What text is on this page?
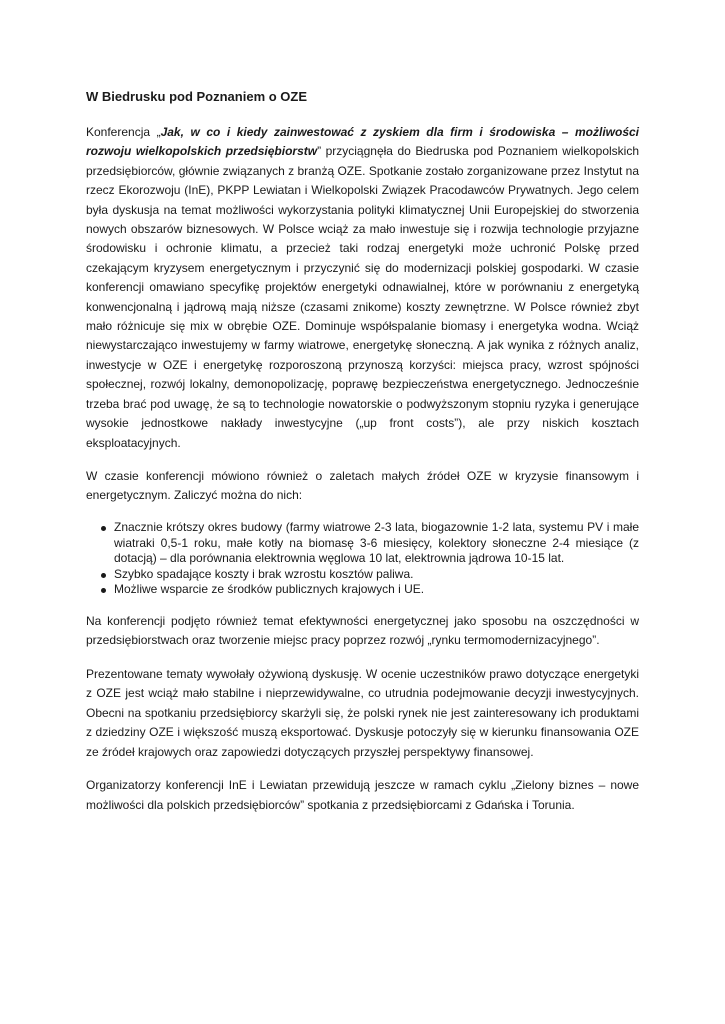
W Biedrusku pod Poznaniem o OZE

Konferencja „Jak, w co i kiedy zainwestować z zyskiem dla firm i środowiska – możliwości rozwoju wielkopolskich przedsiębiorstw” przyciągnęła do Biedruska pod Poznaniem wielkopolskich przedsiębiorców, głównie związanych z branżą OZE. Spotkanie zostało zorganizowane przez Instytut na rzecz Ekorozwoju (InE), PKPP Lewiatan i Wielkopolski Związek Pracodawców Prywatnych. Jego celem była dyskusja na temat możliwości wykorzystania polityki klimatycznej Unii Europejskiej do stworzenia nowych obszarów biznesowych. W Polsce wciąż za mało inwestuje się i rozwija technologie przyjazne środowisku i ochronie klimatu, a przecież taki rodzaj energetyki może uchronić Polskę przed czekającym kryzysem energetycznym i przyczynić się do modernizacji polskiej gospodarki. W czasie konferencji omawiano specyfikę projektów energetyki odnawialnej, które w porównaniu z energetyką konwencjonalną i jądrową mają niższe (czasami znikome) koszty zewnętrzne. W Polsce również zbyt mało różnicuje się mix w obrębie OZE. Dominuje współspalanie biomasy i energetyka wodna. Wciąż niewystarczająco inwestujemy w farmy wiatrowe, energetykę słoneczną. A jak wynika z różnych analiz, inwestycje w OZE i energetykę rozporoszoną przynoszą korzyści: miejsca pracy, wzrost spójności społecznej, rozwój lokalny, demonopolizację, poprawę bezpieczeństwa energetycznego. Jednocześnie trzeba brać pod uwagę, że są to technologie nowatorskie o podwyższonym stopniu ryzyka i generujące wysokie jednostkowe nakłady inwestycyjne („up front costs”), ale przy niskich kosztach eksploatacyjnych.

W czasie konferencji mówiono również o zaletach małych źródeł OZE w kryzysie finansowym i energetycznym. Zaliczyć można do nich:

Znacznie krótszy okres budowy (farmy wiatrowe 2-3 lata, biogazownie 1-2 lata, systemu PV i małe wiatraki 0,5-1 roku, małe kotły na biomasę 3-6 miesięcy, kolektory słoneczne 2-4 miesiące (z dotacją) – dla porównania elektrownia węglowa 10 lat, elektrownia jądrowa 10-15 lat.
Szybko spadające koszty i brak wzrostu kosztów paliwa.
Możliwe wsparcie ze środków publicznych krajowych i UE.

Na konferencji podjęto również temat efektywności energetycznej jako sposobu na oszczędności w przedsiębiorstwach oraz tworzenie miejsc pracy poprzez rozwój „rynku termomodernizacyjnego”.

Prezentowane tematy wywołały ożywioną dyskusję. W ocenie uczestników prawo dotyczące energetyki z OZE jest wciąż mało stabilne i nieprzewidywalne, co utrudnia podejmowanie decyzji inwestycyjnych. Obecni na spotkaniu przedsiębiorcy skarżyli się, że polski rynek nie jest zainteresowany ich produktami z dziedziny OZE i większość muszą eksportować. Dyskusje potoczyły się w kierunku finansowania OZE ze źródeł krajowych oraz zapowiedzi dotyczących przyszłej perspektywy finansowej.

Organizatorzy konferencji InE i Lewiatan przewidują jeszcze w ramach cyklu „Zielony biznes – nowe możliwości dla polskich przedsiębiorców” spotkania z przedsiębiorcami z Gdańska i Torunia.
